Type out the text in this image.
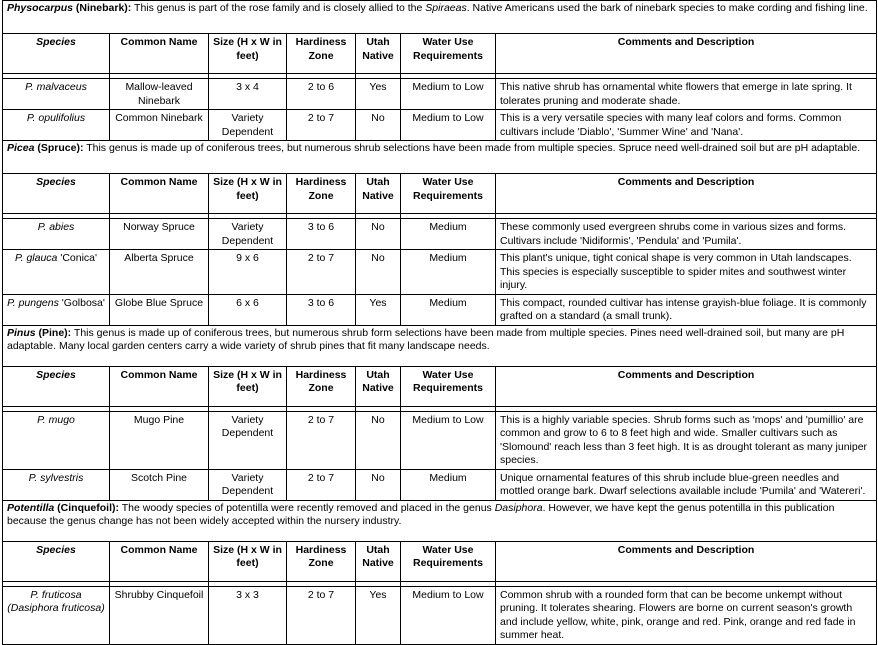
Physocarpus (Ninebark): This genus is part of the rose family and is closely allied to the Spiraeas. Native Americans used the bark of ninebark species to make cording and fishing line.						
Species	Common Name	Size (H x W in feet)	Hardiness Zone	Utah Native	Water Use Requirements	Comments and Description

P. malvaceus	Mallow-leaved Ninebark	3 x 4	2 to 6	Yes	Medium to Low	This native shrub has ornamental white flowers that emerge in late spring. It tolerates pruning and moderate shade.
P. opulifolius	Common Ninebark	Variety Dependent	2 to 7	No	Medium to Low	This is a very versatile species with many leaf colors and forms. Common cultivars include 'Diablo', 'Summer Wine' and 'Nana'.
Picea (Spruce): This genus is made up of coniferous trees, but numerous shrub selections have been made from multiple species. Spruce need well-drained soil but are pH adaptable.						
Species	Common Name	Size (H x W in feet)	Hardiness Zone	Utah Native	Water Use Requirements	Comments and Description

P. abies	Norway Spruce	Variety Dependent	3 to 6	No	Medium	These commonly used evergreen shrubs come in various sizes and forms. Cultivars include 'Nidiformis', 'Pendula' and 'Pumila'.
P. glauca 'Conica'	Alberta Spruce	9 x 6	2 to 7	No	Medium	This plant's unique, tight conical shape is very common in Utah landscapes. This species is especially susceptible to spider mites and southwest winter injury.
P. pungens 'Golbosa'	Globe Blue Spruce	6 x 6	3 to 6	Yes	Medium	This compact, rounded cultivar has intense grayish-blue foliage. It is commonly grafted on a standard (a small trunk).
Pinus (Pine): This genus is made up of coniferous trees, but numerous shrub form selections have been made from multiple species. Pines need well-drained soil, but many are pH adaptable. Many local garden centers carry a wide variety of shrub pines that fit many landscape needs.						
Species	Common Name	Size (H x W in feet)	Hardiness Zone	Utah Native	Water Use Requirements	Comments and Description

P. mugo	Mugo Pine	Variety Dependent	2 to 7	No	Medium to Low	This is a highly variable species. Shrub forms such as 'mops' and 'pumillio' are common and grow to 6 to 8 feet high and wide. Smaller cultivars such as 'Slomound' reach less than 3 feet high. It is as drought tolerant as many juniper species.
P. sylvestris	Scotch Pine	Variety Dependent	2 to 7	No	Medium	Unique ornamental features of this shrub include blue-green needles and mottled orange bark. Dwarf selections available include 'Pumila' and 'Watereri'.
Potentilla (Cinquefoil): The woody species of potentilla were recently removed and placed in the genus Dasiphora. However, we have kept the genus potentilla in this publication because the genus change has not been widely accepted within the nursery industry.						
Species	Common Name	Size (H x W in feet)	Hardiness Zone	Utah Native	Water Use Requirements	Comments and Description

P. fruticosa (Dasiphora fruticosa)	Shrubby Cinquefoil	3 x 3	2 to 7	Yes	Medium to Low	Common shrub with a rounded form that can be become unkempt without pruning. It tolerates shearing. Flowers are borne on current season's growth and include yellow, white, pink, orange and red. Pink, orange and red fade in summer heat.
